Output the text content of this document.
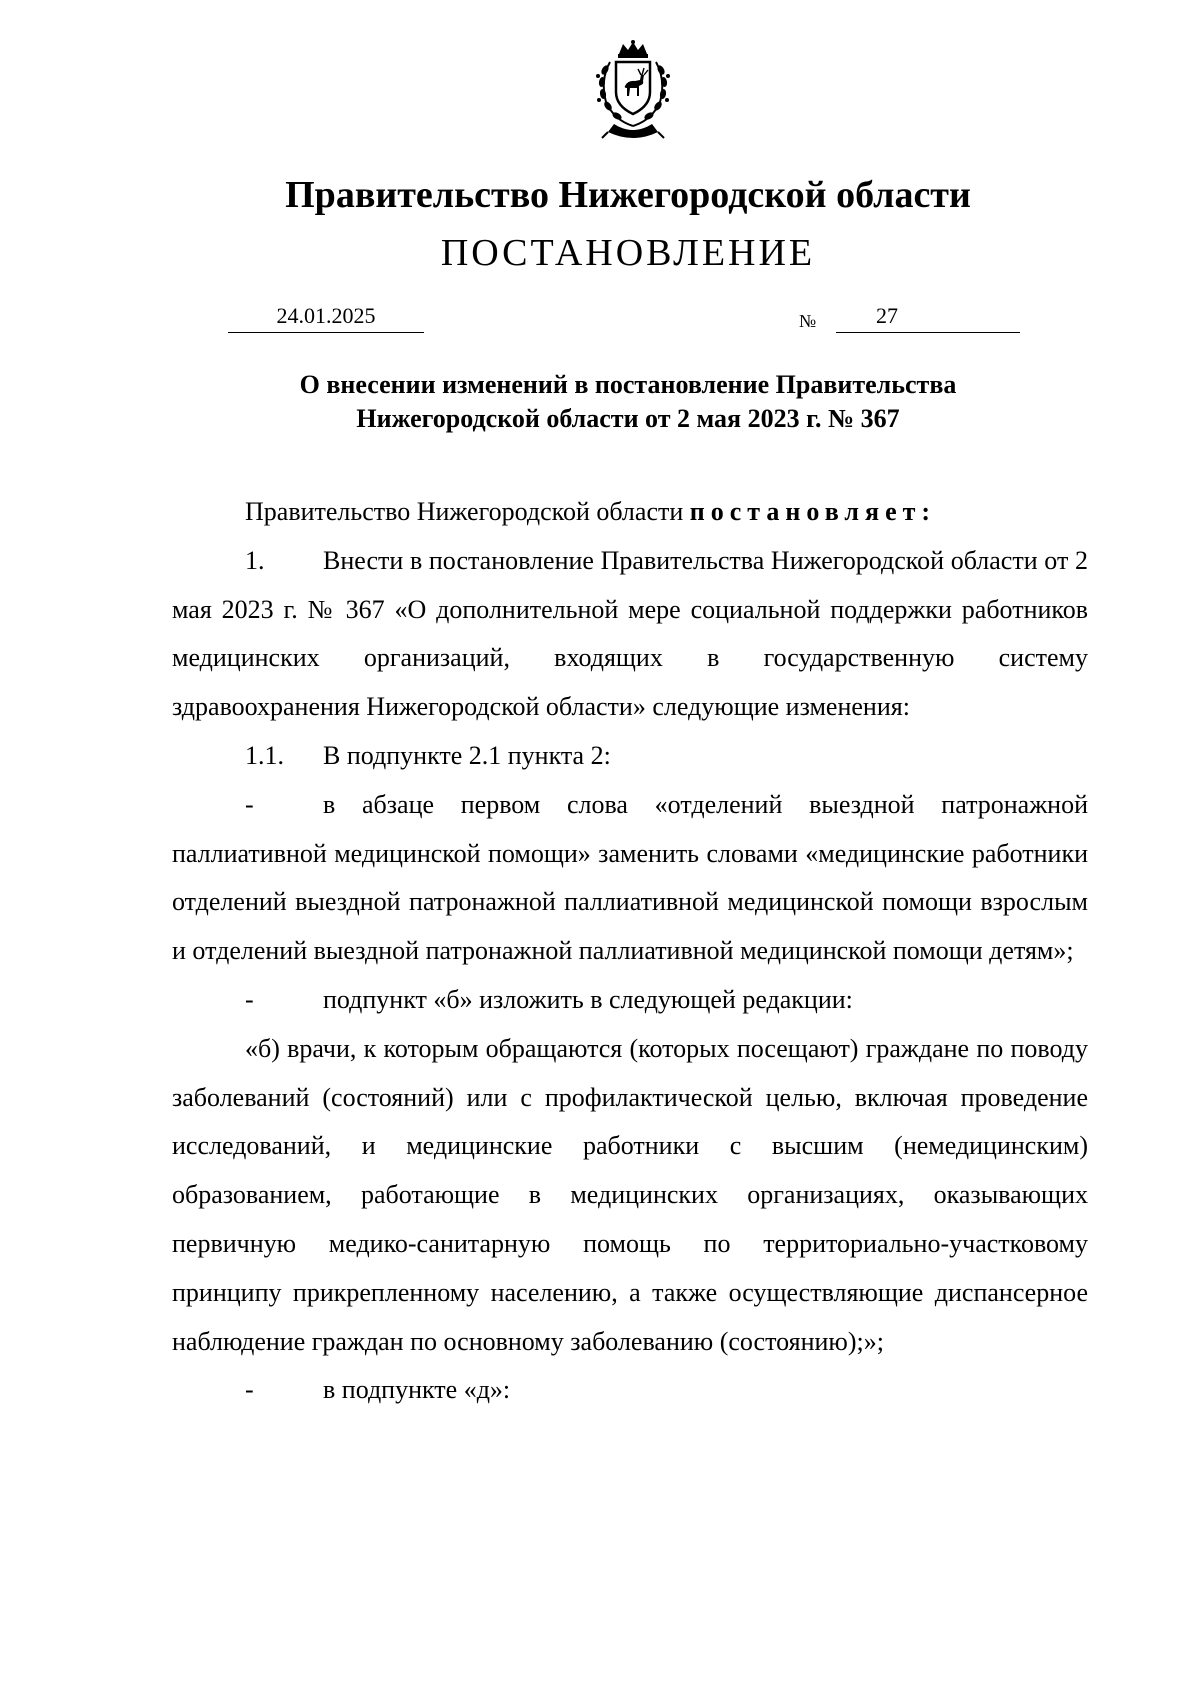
Правительство Нижегородской области
ПОСТАНОВЛЕНИЕ
24.01.2025	№	27
О внесении изменений в постановление Правительства
Нижегородской области от 2 мая 2023 г. № 367

Правительство Нижегородской области постановляет:

1. Внести в постановление Правительства Нижегородской области от 2 мая 2023 г. № 367 «О дополнительной мере социальной поддержки работников медицинских организаций, входящих в государственную систему здравоохранения Нижегородской области» следующие изменения:

1.1. В подпункте 2.1 пункта 2:

-	в абзаце первом слова «отделений выездной патронажной паллиативной медицинской помощи» заменить словами «медицинские работники отделений выездной патронажной паллиативной медицинской помощи взрослым и отделений выездной патронажной паллиативной медицинской помощи детям»;

-	подпункт «б» изложить в следующей редакции:

«б) врачи, к которым обращаются (которых посещают) граждане по поводу заболеваний (состояний) или с профилактической целью, включая проведение исследований, и медицинские работники с высшим (немедицинским) образованием, работающие в медицинских организациях, оказывающих первичную медико-санитарную помощь по территориально-участковому принципу прикрепленному населению, а также осуществляющие диспансерное наблюдение граждан по основному заболеванию (состоянию);»;

-	в подпункте «д»:
